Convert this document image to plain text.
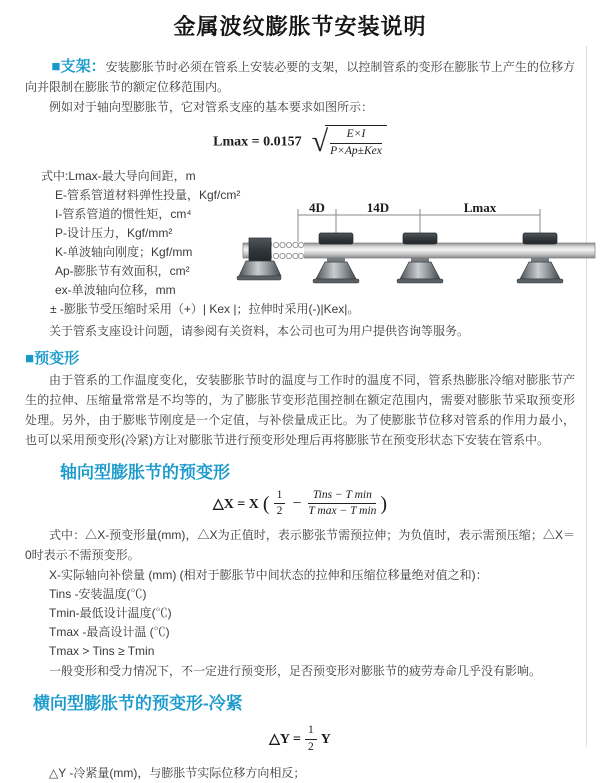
金属波纹膨胀节安装说明

■支架：安装膨胀节时必须在管系上安装必要的支架，以控制管系的变形在膨胀节上产生的位移方向并限制在膨胀节的额定位移范围内。

例如对于轴向型膨胀节，它对管系支座的基本要求如图所示：

Lmax = 0.0157 √ $\frac{E\times I}{\text{P×Ap±Kex}}$
式中:Lmax-最大导向间距，m
E-管系管道材料弹性投量，Kgf/cm²
I-管系管道的惯性矩，cm⁴
P-设计压力，Kgf/mm²
K-单波轴向刚度；Kgf/mm
Ap-膨胀节有效面积，cm²
ex-单波轴向位移，mm
± -膨胀节受压缩时采用（+）| Kex |；拉伸时采用(-)|Kex|。

关于管系支座设计问题，请参阅有关资料，本公司也可为用户提供咨询等服务。

■预变形

由于管系的工作温度变化，安装膨胀节时的温度与工作时的温度不同，管系热膨胀冷缩对膨胀节产生的拉伸、压缩量常常是不均等的，为了膨胀节变形范围控制在额定范围内，需要对膨胀节采取预变形处理。另外，由于膨账节刚度是一个定值，与补偿量成正比。为了使膨胀节位移对管系的作用力最小，也可以采用预变形(冷紧)方让对膨胀节进行预变形处理后再将膨胀节在预变形状态下安装在管系中。

轴向型膨胀节的预变形
△X = X ( $\frac{1}{2} - \frac{\text{Tins − T min}}{\text{T max − T min}}$ )

式中：△X-预变形量(mm)，△X为正值时，表示膨张节需预拉伸；为负值时，表示需预压缩；△X＝0时表示不需预变形。

X-实际轴向补偿量 (mm) (相对于膨胀节中间状态的拉伸和压缩位移量绝对值之和)：

Tins -安装温度(℃)
Tmin-最低设计温度(℃)
Tmax -最高设计温 (℃)
Tmax > Tins ≥ Tmin

一般变形和受力情况下，不一定进行预变形，足否预变形对膨胀节的疲劳寿命几乎没有影响。

横向型膨胀节的预变形-冷紧
△Y = $\frac{1}{2}$ Y

△Y -冷紧量(mm)，与膨胀节实际位移方向相反；

4D	14D	Lmax
